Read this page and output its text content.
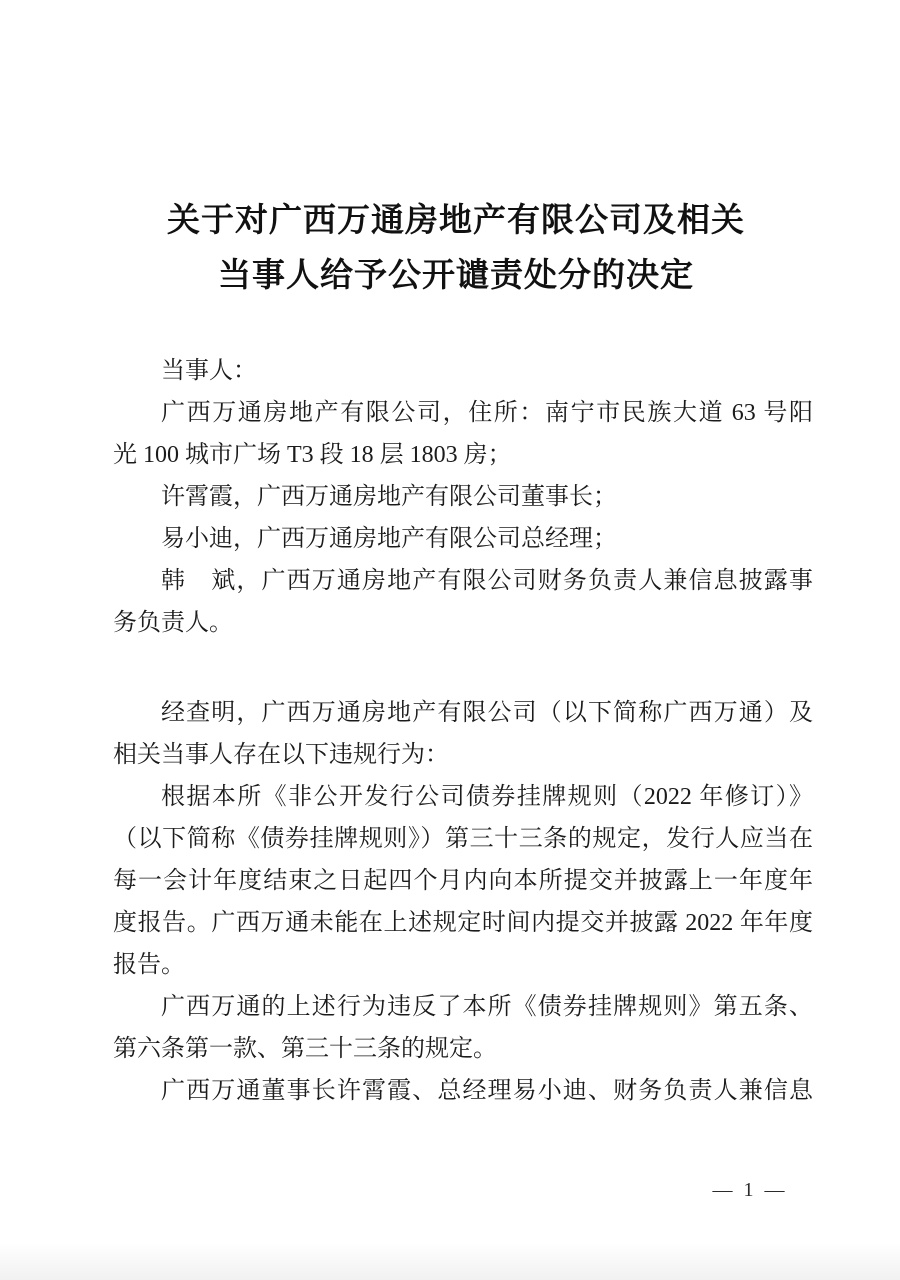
关于对广西万通房地产有限公司及相关
当事人给予公开谴责处分的决定
当事人：
广西万通房地产有限公司，住所：南宁市民族大道 63 号阳
光 100 城市广场 T3 段 18 层 1803 房；
许霄霞，广西万通房地产有限公司董事长；
易小迪，广西万通房地产有限公司总经理；
韩　斌，广西万通房地产有限公司财务负责人兼信息披露事
务负责人。
经查明，广西万通房地产有限公司（以下简称广西万通）及
相关当事人存在以下违规行为：
根据本所《非公开发行公司债券挂牌规则（2022 年修订）》
（以下简称《债券挂牌规则》）第三十三条的规定，发行人应当在
每一会计年度结束之日起四个月内向本所提交并披露上一年度年
度报告。广西万通未能在上述规定时间内提交并披露 2022 年年度
报告。
广西万通的上述行为违反了本所《债券挂牌规则》第五条、
第六条第一款、第三十三条的规定。
广西万通董事长许霄霞、总经理易小迪、财务负责人兼信息
— 1 —
